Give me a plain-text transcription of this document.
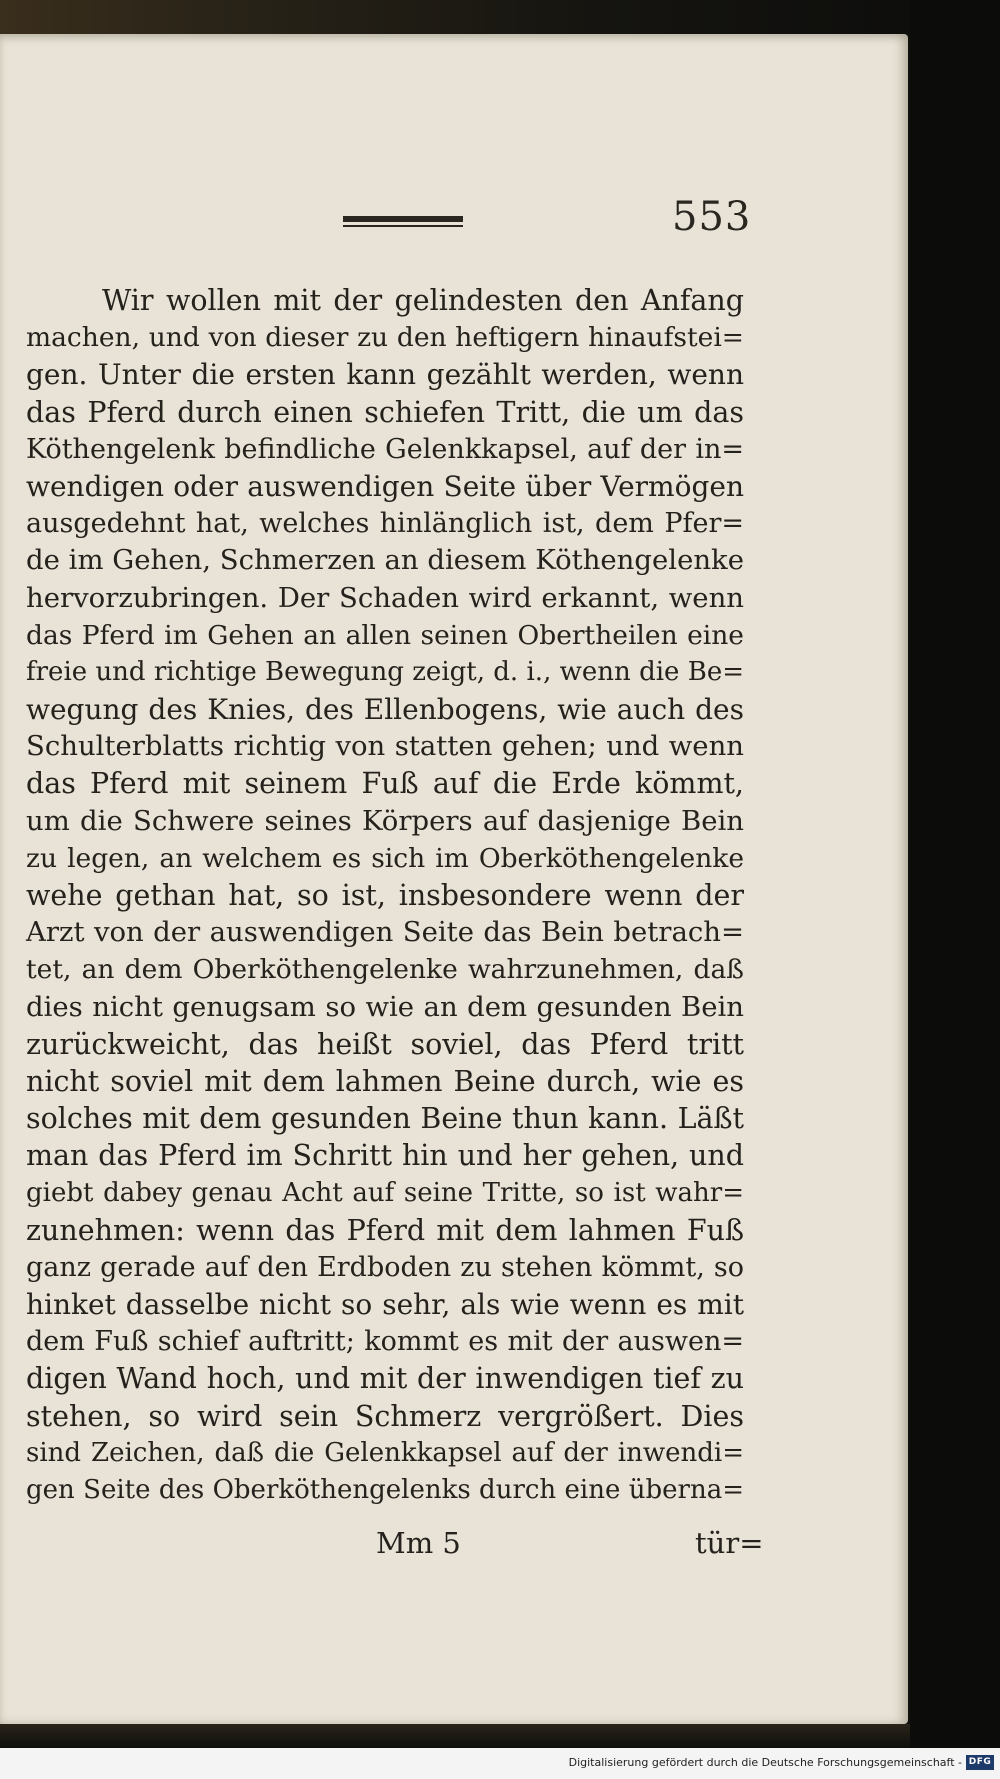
553
Wir wollen mit der gelindesten den Anfang
machen, und von dieser zu den heftigern hinaufstei=
gen. Unter die ersten kann gezählt werden, wenn
das Pferd durch einen schiefen Tritt, die um das
Köthengelenk befindliche Gelenkkapsel, auf der in=
wendigen oder auswendigen Seite über Vermögen
ausgedehnt hat, welches hinlänglich ist, dem Pfer=
de im Gehen, Schmerzen an diesem Köthengelenke
hervorzubringen. Der Schaden wird erkannt, wenn
das Pferd im Gehen an allen seinen Obertheilen eine
freie und richtige Bewegung zeigt, d. i., wenn die Be=
wegung des Knies, des Ellenbogens, wie auch des
Schulterblatts richtig von statten gehen; und wenn
das Pferd mit seinem Fuß auf die Erde kömmt,
um die Schwere seines Körpers auf dasjenige Bein
zu legen, an welchem es sich im Oberköthengelenke
wehe gethan hat, so ist, insbesondere wenn der
Arzt von der auswendigen Seite das Bein betrach=
tet, an dem Oberköthengelenke wahrzunehmen, daß
dies nicht genugsam so wie an dem gesunden Bein
zurückweicht, das heißt soviel, das Pferd tritt
nicht soviel mit dem lahmen Beine durch, wie es
solches mit dem gesunden Beine thun kann. Läßt
man das Pferd im Schritt hin und her gehen, und
giebt dabey genau Acht auf seine Tritte, so ist wahr=
zunehmen: wenn das Pferd mit dem lahmen Fuß
ganz gerade auf den Erdboden zu stehen kömmt, so
hinket dasselbe nicht so sehr, als wie wenn es mit
dem Fuß schief auftritt; kommt es mit der auswen=
digen Wand hoch, und mit der inwendigen tief zu
stehen, so wird sein Schmerz vergrößert. Dies
sind Zeichen, daß die Gelenkkapsel auf der inwendi=
gen Seite des Oberköthengelenks durch eine überna=
Mm 5	tür=
Digitalisierung gefördert durch die Deutsche Forschungsgemeinschaft - DFG
